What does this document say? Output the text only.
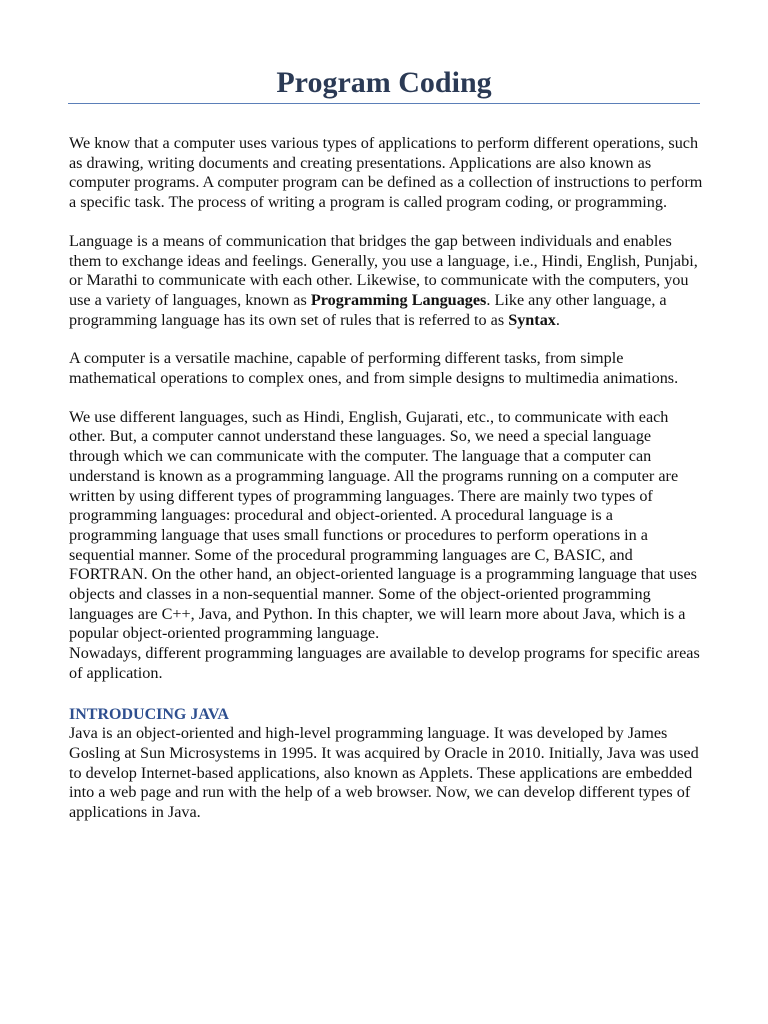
Program Coding

We know that a computer uses various types of applications to perform different operations, such as drawing, writing documents and creating presentations. Applications are also known as computer programs. A computer program can be defined as a collection of instructions to perform a specific task. The process of writing a program is called program coding, or programming.

Language is a means of communication that bridges the gap between individuals and enables them to exchange ideas and feelings. Generally, you use a language, i.e., Hindi, English, Punjabi, or Marathi to communicate with each other. Likewise, to communicate with the computers, you use a variety of languages, known as Programming Languages. Like any other language, a programming language has its own set of rules that is referred to as Syntax.

A computer is a versatile machine, capable of performing different tasks, from simple mathematical operations to complex ones, and from simple designs to multimedia animations.

We use different languages, such as Hindi, English, Gujarati, etc., to communicate with each other. But, a computer cannot understand these languages. So, we need a special language through which we can communicate with the computer. The language that a computer can understand is known as a programming language. All the programs running on a computer are written by using different types of programming languages. There are mainly two types of programming languages: procedural and object-oriented. A procedural language is a programming language that uses small functions or procedures to perform operations in a sequential manner. Some of the procedural programming languages are C, BASIC, and FORTRAN. On the other hand, an object-oriented language is a programming language that uses objects and classes in a non-sequential manner. Some of the object-oriented programming languages are C++, Java, and Python. In this chapter, we will learn more about Java, which is a popular object-oriented programming language.

Nowadays, different programming languages are available to develop programs for specific areas of application.

INTRODUCING JAVA

Java is an object-oriented and high-level programming language. It was developed by James Gosling at Sun Microsystems in 1995. It was acquired by Oracle in 2010. Initially, Java was used to develop Internet-based applications, also known as Applets. These applications are embedded into a web page and run with the help of a web browser. Now, we can develop different types of applications in Java.
